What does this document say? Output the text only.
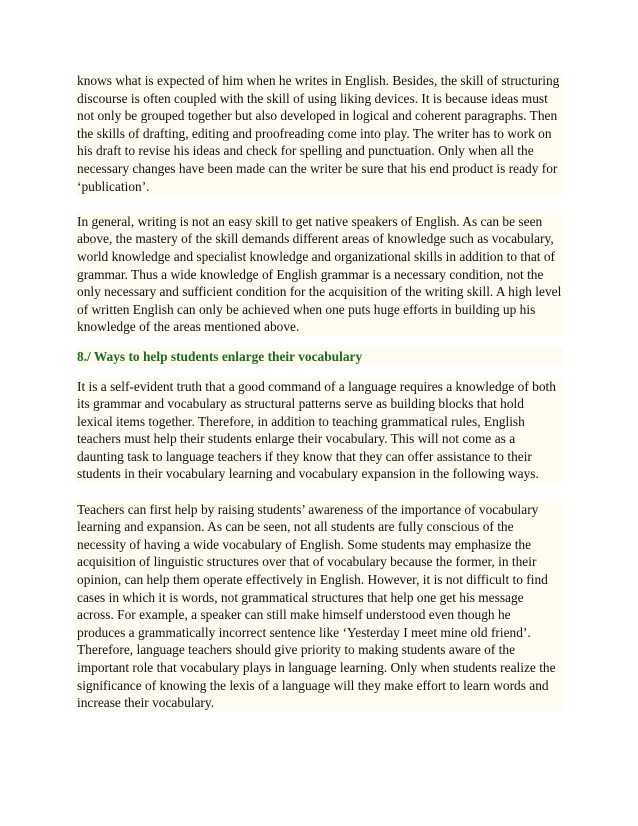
knows what is expected of him when he writes in English. Besides, the skill of structuring discourse is often coupled with the skill of using liking devices. It is because ideas must not only be grouped together but also developed in logical and coherent paragraphs. Then the skills of drafting, editing and proofreading come into play. The writer has to work on his draft to revise his ideas and check for spelling and punctuation. Only when all the necessary changes have been made can the writer be sure that his end product is ready for ‘publication’.

In general, writing is not an easy skill to get native speakers of English. As can be seen above, the mastery of the skill demands different areas of knowledge such as vocabulary, world knowledge and specialist knowledge and organizational skills in addition to that of grammar. Thus a wide knowledge of English grammar is a necessary condition, not the only necessary and sufficient condition for the acquisition of the writing skill. A high level of written English can only be achieved when one puts huge efforts in building up his knowledge of the areas mentioned above.

8./ Ways to help students enlarge their vocabulary

It is a self-evident truth that a good command of a language requires a knowledge of both its grammar and vocabulary as structural patterns serve as building blocks that hold lexical items together. Therefore, in addition to teaching grammatical rules, English teachers must help their students enlarge their vocabulary. This will not come as a daunting task to language teachers if they know that they can offer assistance to their students in their vocabulary learning and vocabulary expansion in the following ways.

Teachers can first help by raising students’ awareness of the importance of vocabulary learning and expansion. As can be seen, not all students are fully conscious of the necessity of having a wide vocabulary of English. Some students may emphasize the acquisition of linguistic structures over that of vocabulary because the former, in their opinion, can help them operate effectively in English. However, it is not difficult to find cases in which it is words, not grammatical structures that help one get his message across. For example, a speaker can still make himself understood even though he produces a grammatically incorrect sentence like ‘Yesterday I meet mine old friend’. Therefore, language teachers should give priority to making students aware of the important role that vocabulary plays in language learning. Only when students realize the significance of knowing the lexis of a language will they make effort to learn words and increase their vocabulary.
